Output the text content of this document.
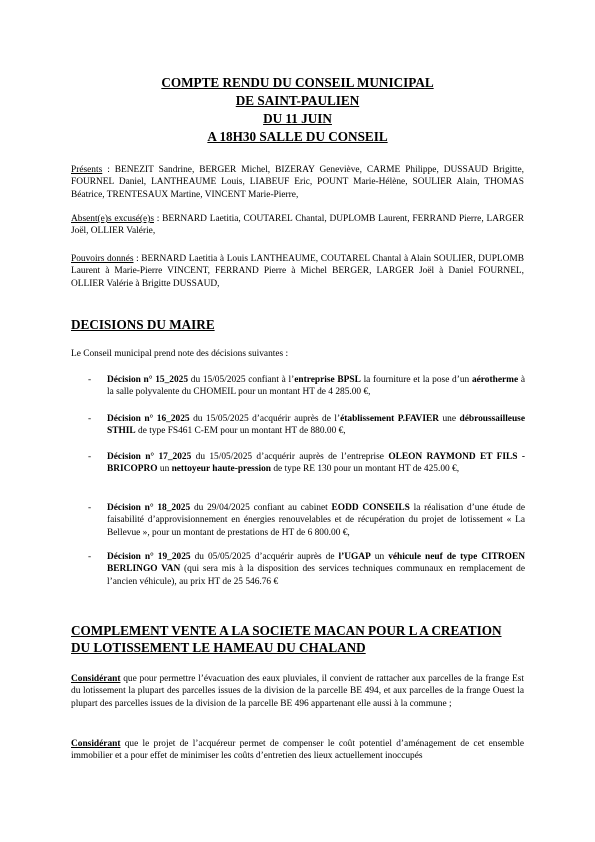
COMPTE RENDU DU CONSEIL MUNICIPAL
DE SAINT-PAULIEN
DU 11 JUIN
A 18H30 SALLE DU CONSEIL
Présents : BENEZIT Sandrine, BERGER Michel, BIZERAY Geneviève, CARME Philippe, DUSSAUD Brigitte, FOURNEL Daniel, LANTHEAUME Louis, LIABEUF Eric, POUNT Marie-Hélène, SOULIER Alain, THOMAS Béatrice, TRENTESAUX Martine, VINCENT Marie-Pierre,
Absent(e)s excusé(e)s : BERNARD Laetitia, COUTAREL Chantal, DUPLOMB Laurent, FERRAND Pierre, LARGER Joël, OLLIER Valérie,
Pouvoirs donnés : BERNARD Laetitia à Louis LANTHEAUME, COUTAREL Chantal à Alain SOULIER, DUPLOMB Laurent à Marie-Pierre VINCENT, FERRAND Pierre à Michel BERGER, LARGER Joël à Daniel FOURNEL, OLLIER Valérie à Brigitte DUSSAUD,
DECISIONS DU MAIRE
Le Conseil municipal prend note des décisions suivantes :
-	Décision n° 15_2025 du 15/05/2025 confiant à l’entreprise BPSL la fourniture et la pose d’un aérotherme à la salle polyvalente du CHOMEIL pour un montant HT de 4 285.00 €,
-	Décision n° 16_2025 du 15/05/2025 d’acquérir auprès de l’établissement P.FAVIER une débroussailleuse STHIL de type FS461 C-EM pour un montant HT de 880.00 €,
-	Décision n° 17_2025 du 15/05/2025 d’acquérir auprès de l’entreprise OLEON RAYMOND ET FILS - BRICOPRO un nettoyeur haute-pression de type RE 130 pour un montant HT de 425.00 €,
-	Décision n° 18_2025 du 29/04/2025 confiant au cabinet EODD CONSEILS la réalisation d’une étude de faisabilité d’approvisionnement en énergies renouvelables et de récupération du projet de lotissement « La Bellevue », pour un montant de prestations de HT de 6 800.00 €,
-	Décision n° 19_2025 du 05/05/2025 d’acquérir auprès de l’UGAP un véhicule neuf de type CITROEN BERLINGO VAN (qui sera mis à la disposition des services techniques communaux en remplacement de l’ancien véhicule), au prix HT de 25 546.76 €
COMPLEMENT VENTE A LA SOCIETE MACAN POUR L A CREATION
DU LOTISSEMENT LE HAMEAU DU CHALAND
Considérant que pour permettre l’évacuation des eaux pluviales, il convient de rattacher aux parcelles de la frange Est du lotissement la plupart des parcelles issues de la division de la parcelle BE 494, et aux parcelles de la frange Ouest la plupart des parcelles issues de la division de la parcelle BE 496 appartenant elle aussi à la commune ;
Considérant que le projet de l’acquéreur permet de compenser le coût potentiel d’aménagement de cet ensemble immobilier et a pour effet de minimiser les coûts d’entretien des lieux actuellement inoccupés
